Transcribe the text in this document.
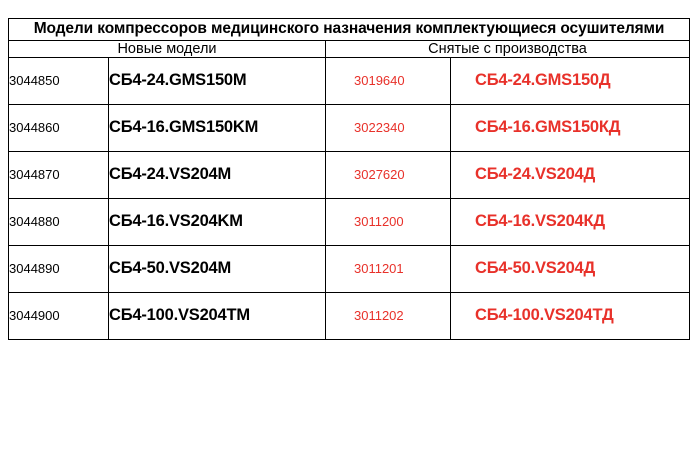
Модели компрессоров медицинского назначения комплектующиеся осушителями			
Новые модели		Снятые с производства	
3044850	СБ4-24.GMS150M	3019640	СБ4-24.GMS150Д
3044860	СБ4-16.GMS150KM	3022340	СБ4-16.GMS150КД
3044870	СБ4-24.VS204M	3027620	СБ4-24.VS204Д
3044880	СБ4-16.VS204KM	3011200	СБ4-16.VS204КД
3044890	СБ4-50.VS204M	3011201	СБ4-50.VS204Д
3044900	СБ4-100.VS204TM	3011202	СБ4-100.VS204ТД
